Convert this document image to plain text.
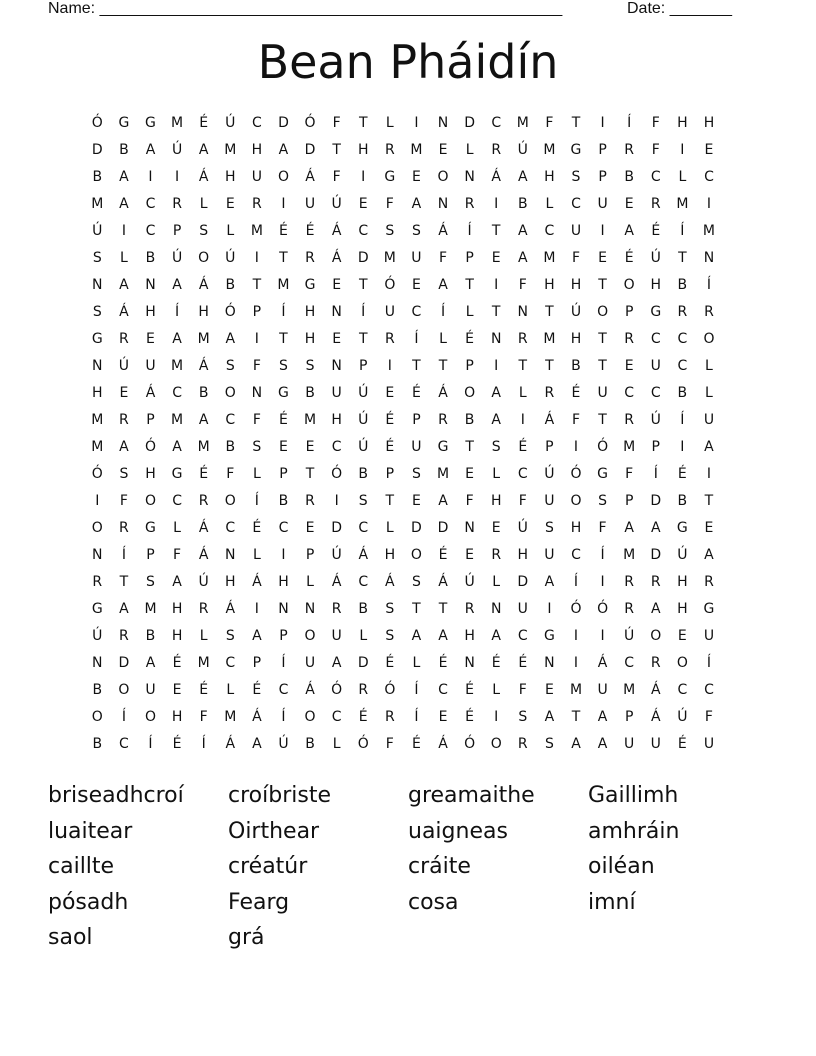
Name: ____________________________________________________	Date: _______
Bean Pháidín
Ó	G	G	M	É	Ú	C	D	Ó	F	T	L	I	N	D	C	M	F	T	I	Í	F	H	H
D	B	A	Ú	A	M	H	A	D	T	H	R	M	E	L	R	Ú	M	G	P	R	F	I	E
B	A	I	I	Á	H	U	O	Á	F	I	G	E	O	N	Á	A	H	S	P	B	C	L	C
M	A	C	R	L	E	R	I	U	Ú	E	F	A	N	R	I	B	L	C	U	E	R	M	I
Ú	I	C	P	S	L	M	É	É	Á	C	S	S	Á	Í	T	A	C	U	I	A	É	Í	M
S	L	B	Ú	O	Ú	I	T	R	Á	D	M	U	F	P	E	A	M	F	E	É	Ú	T	N
N	A	N	A	Á	B	T	M	G	E	T	Ó	E	A	T	I	F	H	H	T	O	H	B	Í
S	Á	H	Í	H	Ó	P	Í	H	N	Í	U	C	Í	L	T	N	T	Ú	O	P	G	R	R
G	R	E	A	M	A	I	T	H	E	T	R	Í	L	É	N	R	M	H	T	R	C	C	O
N	Ú	U	M	Á	S	F	S	S	N	P	I	T	T	P	I	T	T	B	T	E	U	C	L
H	E	Á	C	B	O	N	G	B	U	Ú	E	É	Á	O	A	L	R	É	U	C	C	B	L
M	R	P	M	A	C	F	É	M	H	Ú	É	P	R	B	A	I	Á	F	T	R	Ú	Í	U
M	A	Ó	A	M	B	S	E	E	C	Ú	É	U	G	T	S	É	P	I	Ó	M	P	I	A
Ó	S	H	G	É	F	L	P	T	Ó	B	P	S	M	E	L	C	Ú	Ó	G	F	Í	É	I
I	F	O	C	R	O	Í	B	R	I	S	T	E	A	F	H	F	U	O	S	P	D	B	T
O	R	G	L	Á	C	É	C	E	D	C	L	D	D	N	E	Ú	S	H	F	A	A	G	E
N	Í	P	F	Á	N	L	I	P	Ú	Á	H	O	É	E	R	H	U	C	Í	M	D	Ú	A
R	T	S	A	Ú	H	Á	H	L	Á	C	Á	S	Á	Ú	L	D	A	Í	I	R	R	H	R
G	A	M	H	R	Á	I	N	N	R	B	S	T	T	R	N	U	I	Ó	Ó	R	A	H	G
Ú	R	B	H	L	S	A	P	O	U	L	S	A	A	H	A	C	G	I	I	Ú	O	E	U
N	D	A	É	M	C	P	Í	U	A	D	É	L	É	N	É	É	N	I	Á	C	R	O	Í
B	O	U	E	É	L	É	C	Á	Ó	R	Ó	Í	C	É	L	F	E	M	U	M	Á	C	C
O	Í	O	H	F	M	Á	Í	O	C	É	R	Í	E	É	I	S	A	T	A	P	Á	Ú	F
B	C	Í	É	Í	Á	A	Ú	B	L	Ó	F	É	Á	Ó	O	R	S	A	A	U	U	É	U
briseadhcroí
luaitear
caillte
pósadh
saol
croíbriste
Oirthear
créatúr
Fearg
grá
greamaithe
uaigneas
cráite
cosa
Gaillimh
amhráin
oiléan
imní
